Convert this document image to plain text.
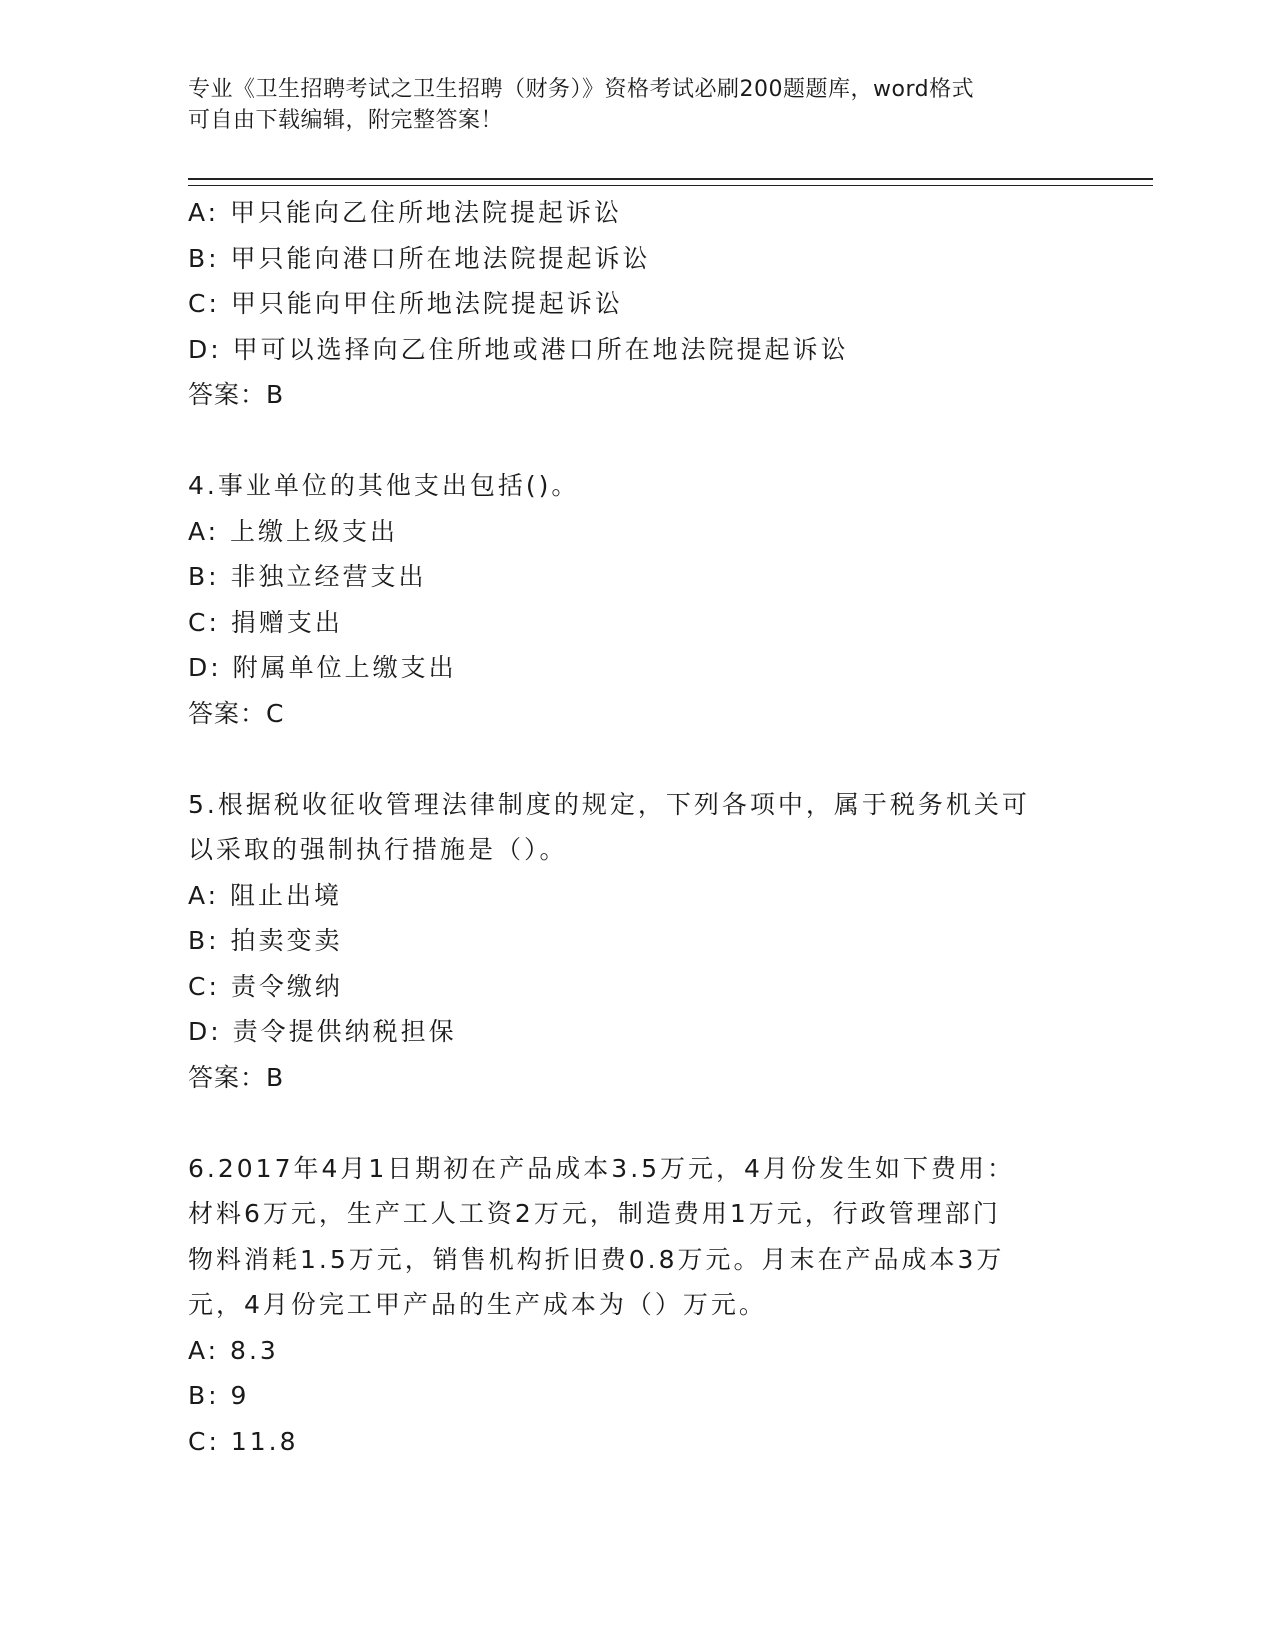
专业《卫生招聘考试之卫生招聘（财务）》资格考试必刷200题题库，word格式
可自由下载编辑，附完整答案！
A: 甲只能向乙住所地法院提起诉讼
B: 甲只能向港口所在地法院提起诉讼
C: 甲只能向甲住所地法院提起诉讼
D: 甲可以选择向乙住所地或港口所在地法院提起诉讼
答案：B
4.事业单位的其他支出包括()。
A: 上缴上级支出
B: 非独立经营支出
C: 捐赠支出
D: 附属单位上缴支出
答案：C
5.根据税收征收管理法律制度的规定，下列各项中，属于税务机关可
以采取的强制执行措施是（）。
A: 阻止出境
B: 拍卖变卖
C: 责令缴纳
D: 责令提供纳税担保
答案：B
6.2017年4月1日期初在产品成本3.5万元，4月份发生如下费用：
材料6万元，生产工人工资2万元，制造费用1万元，行政管理部门
物料消耗1.5万元，销售机构折旧费0.8万元。月末在产品成本3万
元，4月份完工甲产品的生产成本为（）万元。
A: 8.3
B: 9
C: 11.8
